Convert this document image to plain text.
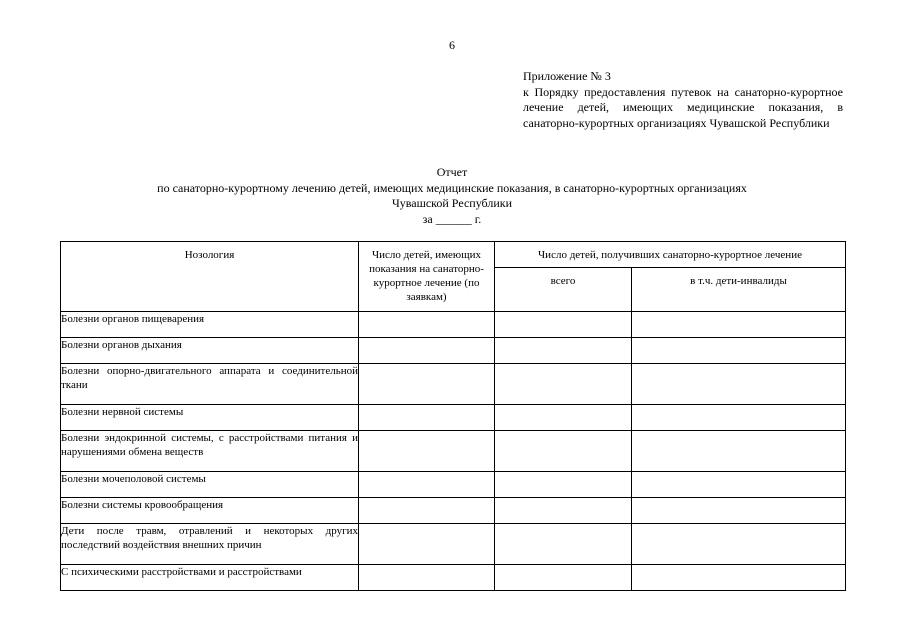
6
Приложение № 3
к Порядку предоставления путевок на санаторно-курортное лечение детей, имеющих медицинские показания, в санаторно-курортных организациях Чувашской Республики
Отчет
по санаторно-курортному лечению детей, имеющих медицинские показания, в санаторно-курортных организациях
Чувашской Республики
за ______ г.
Нозология	Число детей, имеющих показания на санаторно-курортное лечение (по заявкам)	Число детей, получивших санаторно-курортное лечение	

		всего	в т.ч. дети-инвалиды

Болезни органов пищеварения			
Болезни органов дыхания			
Болезни опорно-двигательного аппарата и соединительной ткани			
Болезни нервной системы			
Болезни эндокринной системы, с расстройствами питания и нарушениями обмена веществ			
Болезни мочеполовой системы			
Болезни системы кровообращения			
Дети после травм, отравлений и некоторых других последствий воздействия внешних причин			
С психическими расстройствами и расстройствами			
